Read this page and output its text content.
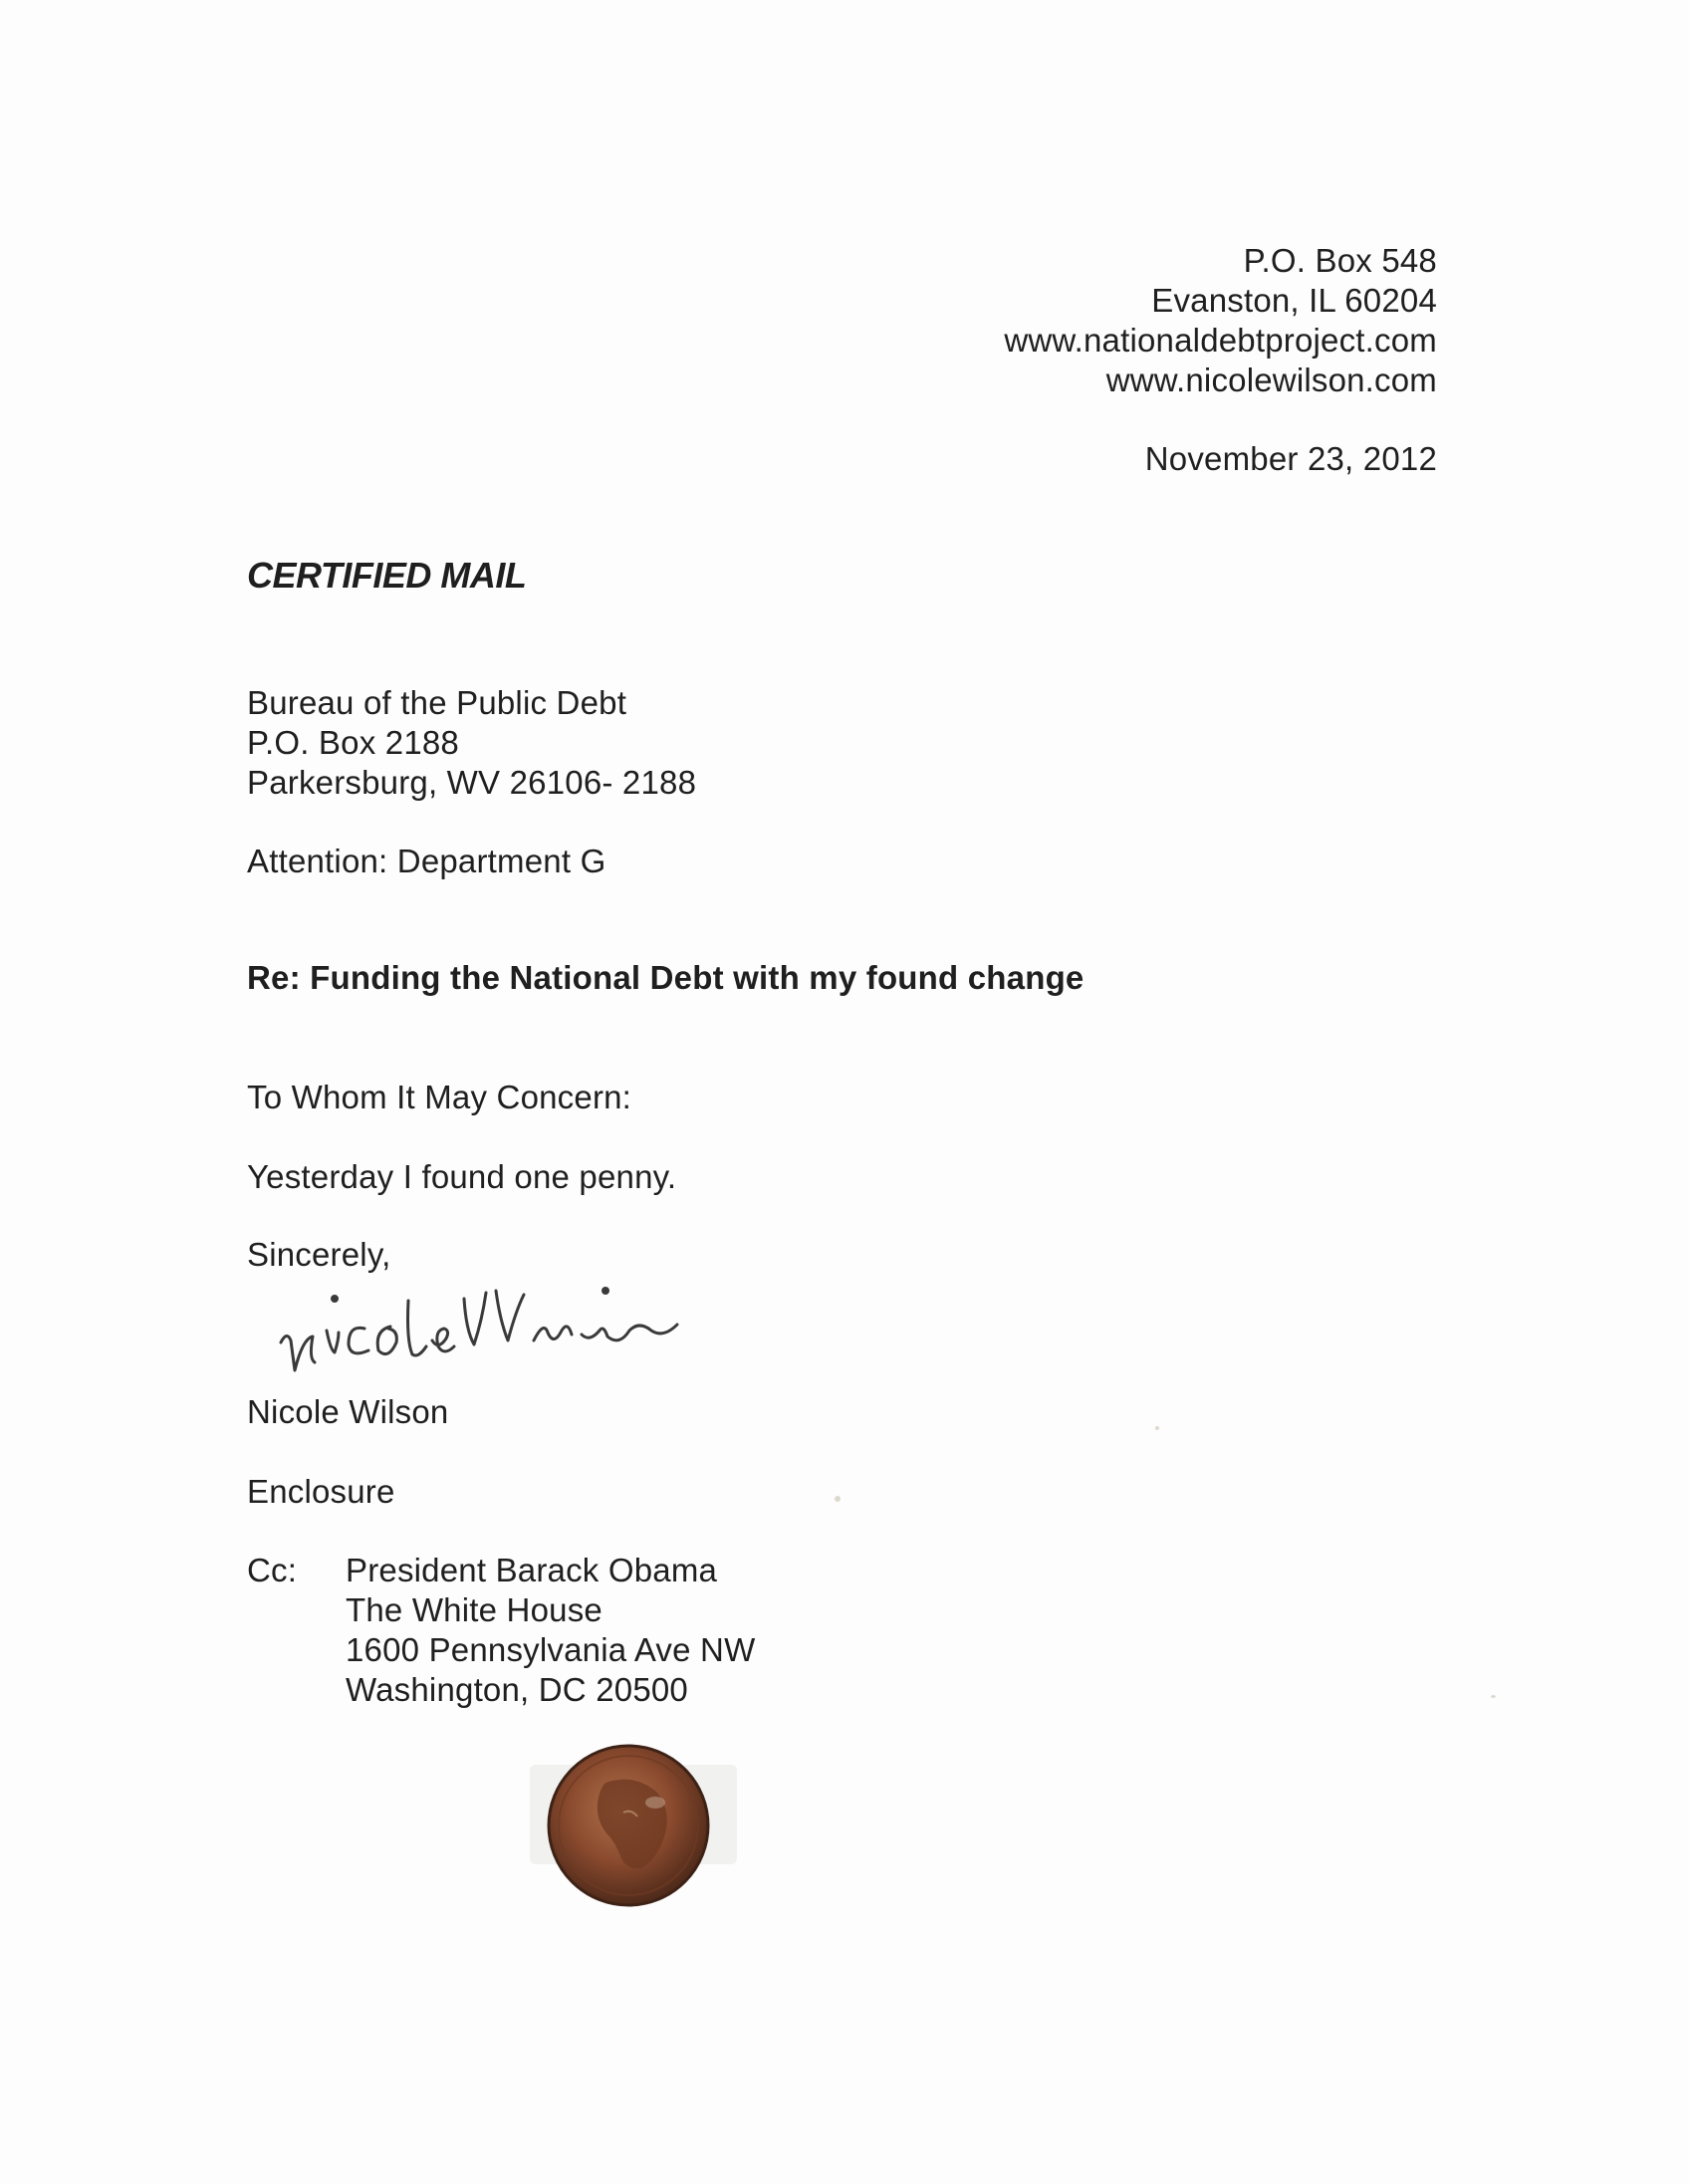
P.O. Box 548
Evanston, IL 60204
www.nationaldebtproject.com
www.nicolewilson.com
November 23, 2012
CERTIFIED MAIL
Bureau of the Public Debt
P.O. Box 2188
Parkersburg, WV 26106- 2188
Attention: Department G
Re: Funding the National Debt with my found change
To Whom It May Concern:
Yesterday I found one penny.
Sincerely,
Nicole Wilson
Enclosure
Cc: President Barack Obama
The White House
1600 Pennsylvania Ave NW
Washington, DC 20500
